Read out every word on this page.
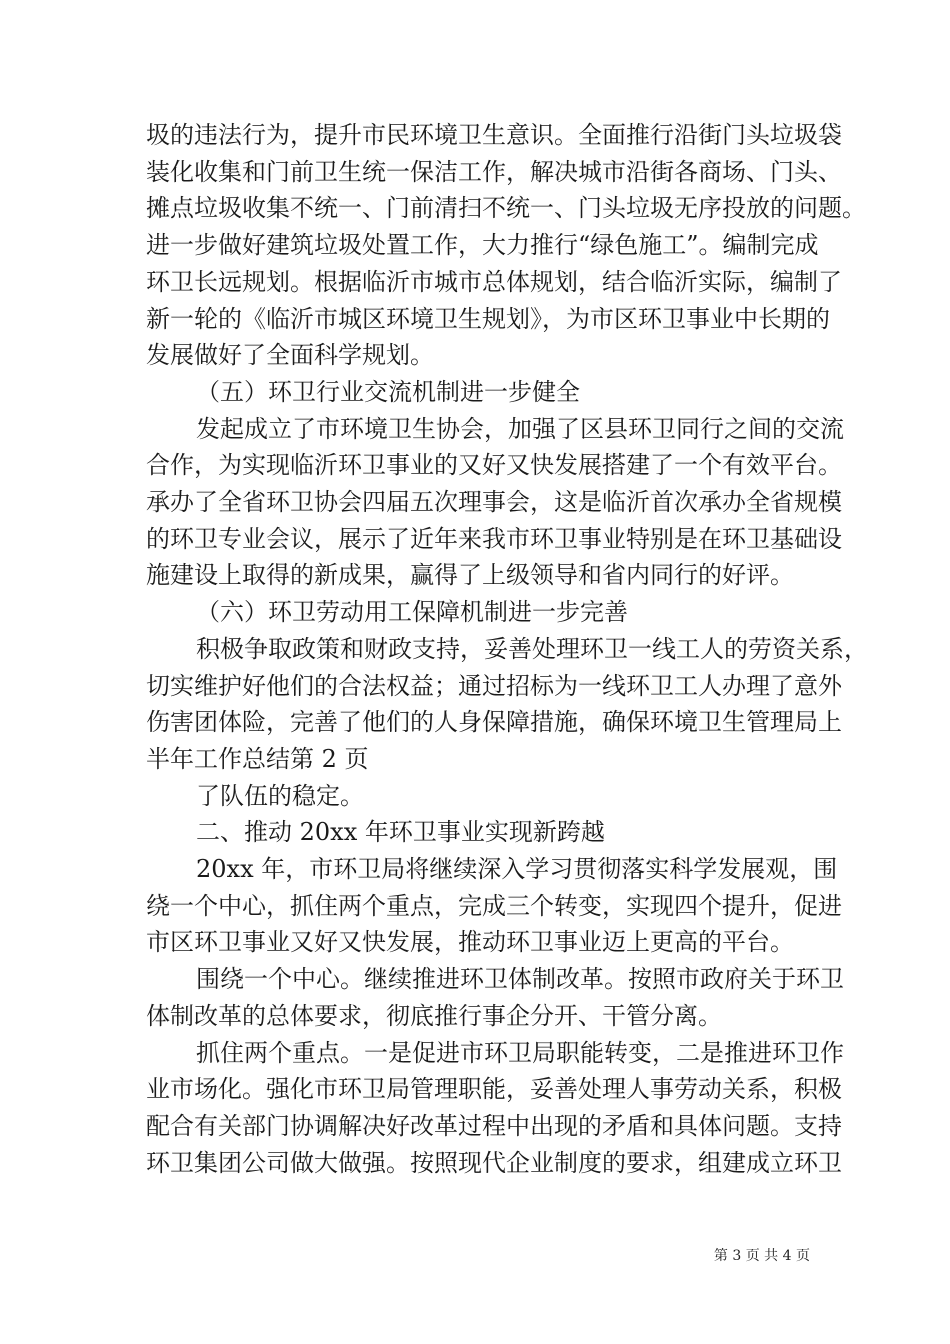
圾的违法行为，提升市民环境卫生意识。全面推行沿街门头垃圾袋
装化收集和门前卫生统一保洁工作，解决城市沿街各商场、门头、
摊点垃圾收集不统一、门前清扫不统一、门头垃圾无序投放的问题。
进一步做好建筑垃圾处置工作，大力推行“绿色施工”。编制完成
环卫长远规划。根据临沂市城市总体规划，结合临沂实际，编制了
新一轮的《临沂市城区环境卫生规划》，为市区环卫事业中长期的
发展做好了全面科学规划。
（五）环卫行业交流机制进一步健全
发起成立了市环境卫生协会，加强了区县环卫同行之间的交流
合作，为实现临沂环卫事业的又好又快发展搭建了一个有效平台。
承办了全省环卫协会四届五次理事会，这是临沂首次承办全省规模
的环卫专业会议，展示了近年来我市环卫事业特别是在环卫基础设
施建设上取得的新成果，赢得了上级领导和省内同行的好评。
（六）环卫劳动用工保障机制进一步完善
积极争取政策和财政支持，妥善处理环卫一线工人的劳资关系，
切实维护好他们的合法权益；通过招标为一线环卫工人办理了意外
伤害团体险，完善了他们的人身保障措施，确保环境卫生管理局上
半年工作总结第 2 页
了队伍的稳定。
二、推动 20xx 年环卫事业实现新跨越
20xx 年，市环卫局将继续深入学习贯彻落实科学发展观，围
绕一个中心，抓住两个重点，完成三个转变，实现四个提升，促进
市区环卫事业又好又快发展，推动环卫事业迈上更高的平台。
围绕一个中心。继续推进环卫体制改革。按照市政府关于环卫
体制改革的总体要求，彻底推行事企分开、干管分离。
抓住两个重点。一是促进市环卫局职能转变，二是推进环卫作
业市场化。强化市环卫局管理职能，妥善处理人事劳动关系，积极
配合有关部门协调解决好改革过程中出现的矛盾和具体问题。支持
环卫集团公司做大做强。按照现代企业制度的要求，组建成立环卫
第 3 页 共 4 页
